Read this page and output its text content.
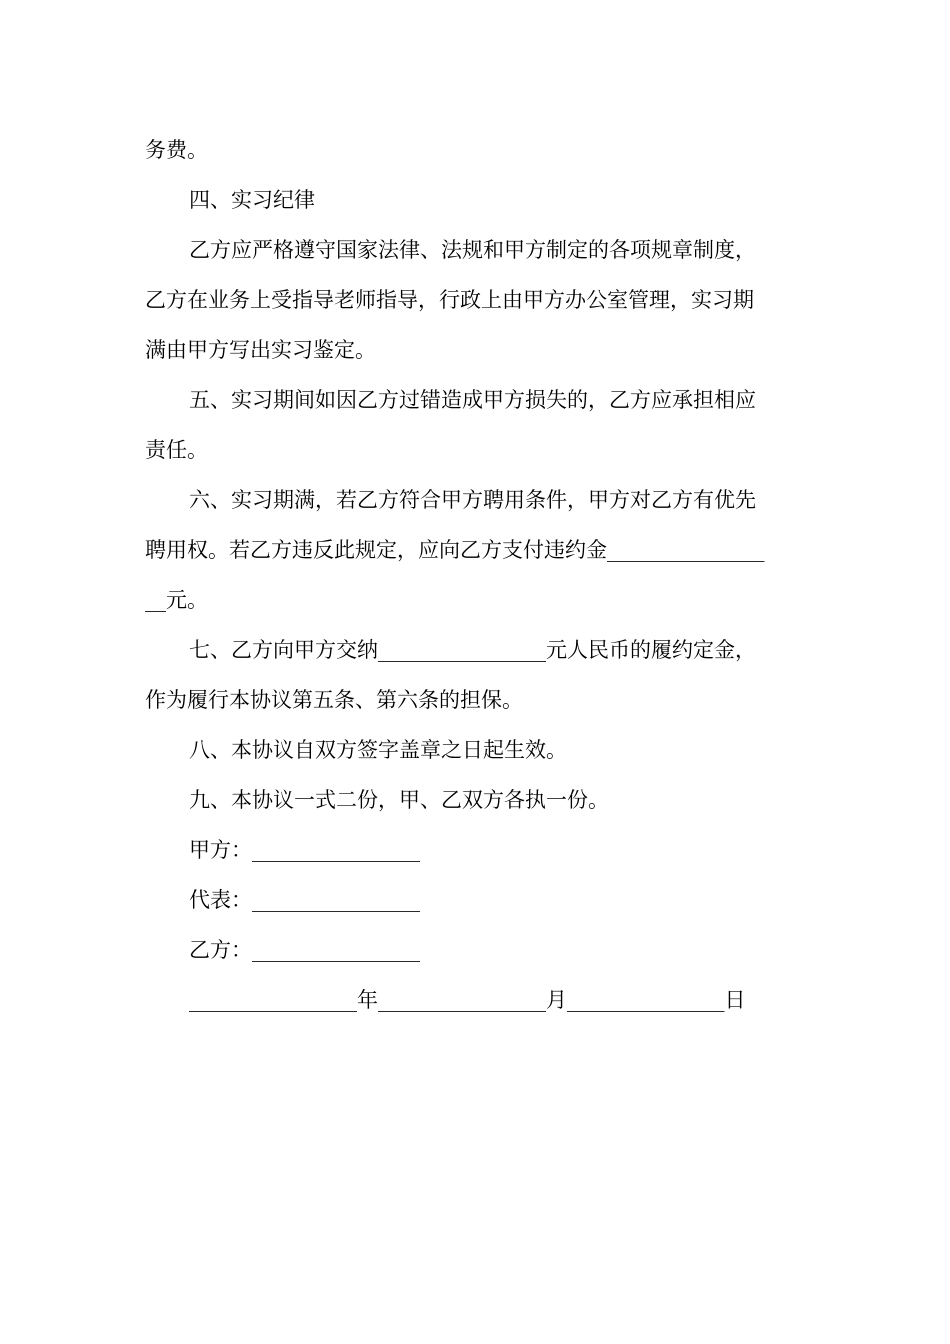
务费。
四、实习纪律
乙方应严格遵守国家法律、法规和甲方制定的各项规章制度，
乙方在业务上受指导老师指导，行政上由甲方办公室管理，实习期
满由甲方写出实习鉴定。
五、实习期间如因乙方过错造成甲方损失的，乙方应承担相应
责任。
六、实习期满，若乙方符合甲方聘用条件，甲方对乙方有优先
聘用权。若乙方违反此规定，应向乙方支付违约金_______________
__元。
七、乙方向甲方交纳________________元人民币的履约定金，
作为履行本协议第五条、第六条的担保。
八、本协议自双方签字盖章之日起生效。
九、本协议一式二份，甲、乙双方各执一份。
甲方：________________
代表：________________
乙方：________________
________________年________________月_______________日
